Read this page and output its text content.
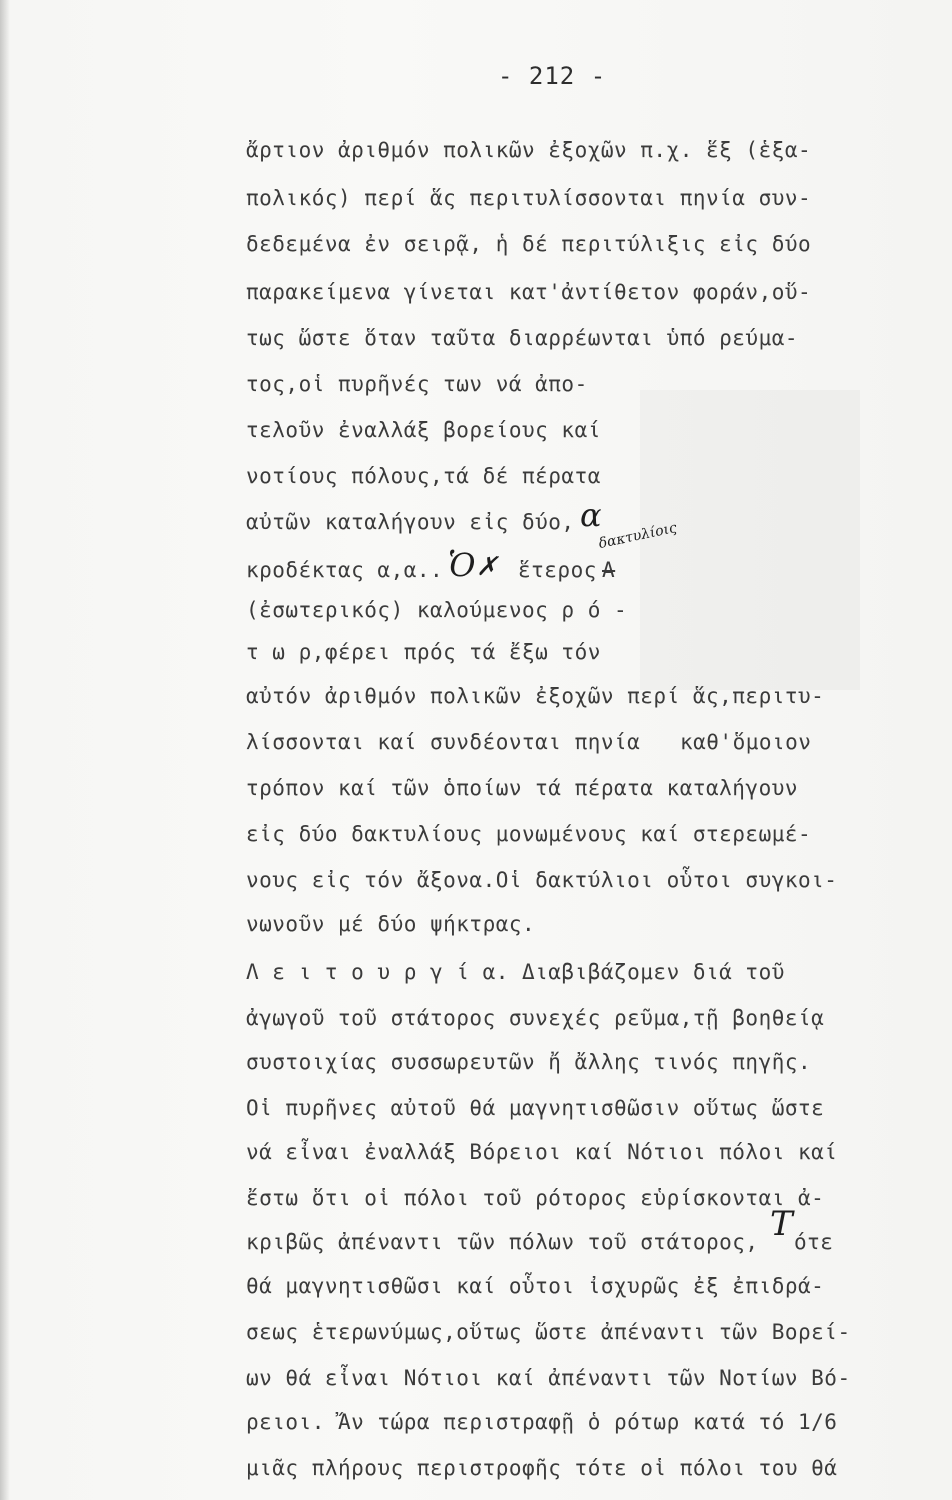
- 212 -
ἄρτιον ἀριθμόν πολικῶν ἐξοχῶν π.χ. ἕξ (ἑξα-
πολικός) περί ἅς περιτυλίσσονται πηνία συν-
δεδεμένα ἐν σειρᾷ, ἡ δέ περιτύλιξις εἰς δύο
παρακείμενα γίνεται κατ'ἀντίθετον φοράν,οὕ-
τως ὥστε ὅταν ταῦτα διαρρέωνται ὑπό ρεύμα-
τος,οἱ πυρῆνές των νά ἀπο-
τελοῦν ἐναλλάξ βορείους καί
νοτίους πόλους,τά δέ πέρατα
αὐτῶν καταλήγουν εἰς δύο, α
δακτυλίοις
κροδέκτας α,α.. Ὁ ✗ ἕτερος Α
(ἐσωτερικός) καλούμενος ρ ό -
τ ω ρ,φέρει πρός τά ἔξω τόν
αὐτόν ἀριθμόν πολικῶν ἐξοχῶν περί ἅς,περιτυ-
λίσσονται καί συνδέονται πηνία καθ'ὅμοιον
τρόπον καί τῶν ὁποίων τά πέρατα καταλήγουν
εἰς δύο δακτυλίους μονωμένους καί στερεωμέ-
νους εἰς τόν ἄξονα.Οἱ δακτύλιοι οὗτοι συγκοι-
νωνοῦν μέ δύο ψήκτρας.
Λ ε ι τ ο υ ρ γ ί α. Διαβιβάζομεν διά τοῦ
ἀγωγοῦ τοῦ στάτορος συνεχές ρεῦμα,τῇ βοηθείᾳ
συστοιχίας συσσωρευτῶν ἤ ἄλλης τινός πηγῆς.
Οἱ πυρῆνες αὐτοῦ θά μαγνητισθῶσιν οὕτως ὥστε
νά εἶναι ἐναλλάξ Βόρειοι καί Νότιοι πόλοι καί
ἔστω ὅτι οἱ πόλοι τοῦ ρότορος εὑρίσκονται ἀ-
κριβῶς ἀπέναντι τῶν πόλων τοῦ στάτορος, Τ ότε
θά μαγνητισθῶσι καί οὗτοι ἰσχυρῶς ἐξ ἐπιδρά-
σεως ἑτερωνύμως,οὕτως ὥστε ἀπέναντι τῶν Βορεί-
ων θά εἶναι Νότιοι καί ἀπέναντι τῶν Νοτίων Βό-
ρειοι. Ἄν τώρα περιστραφῇ ὁ ρότωρ κατά τό 1/6
μιᾶς πλήρους περιστροφῆς τότε οἱ πόλοι του θά
